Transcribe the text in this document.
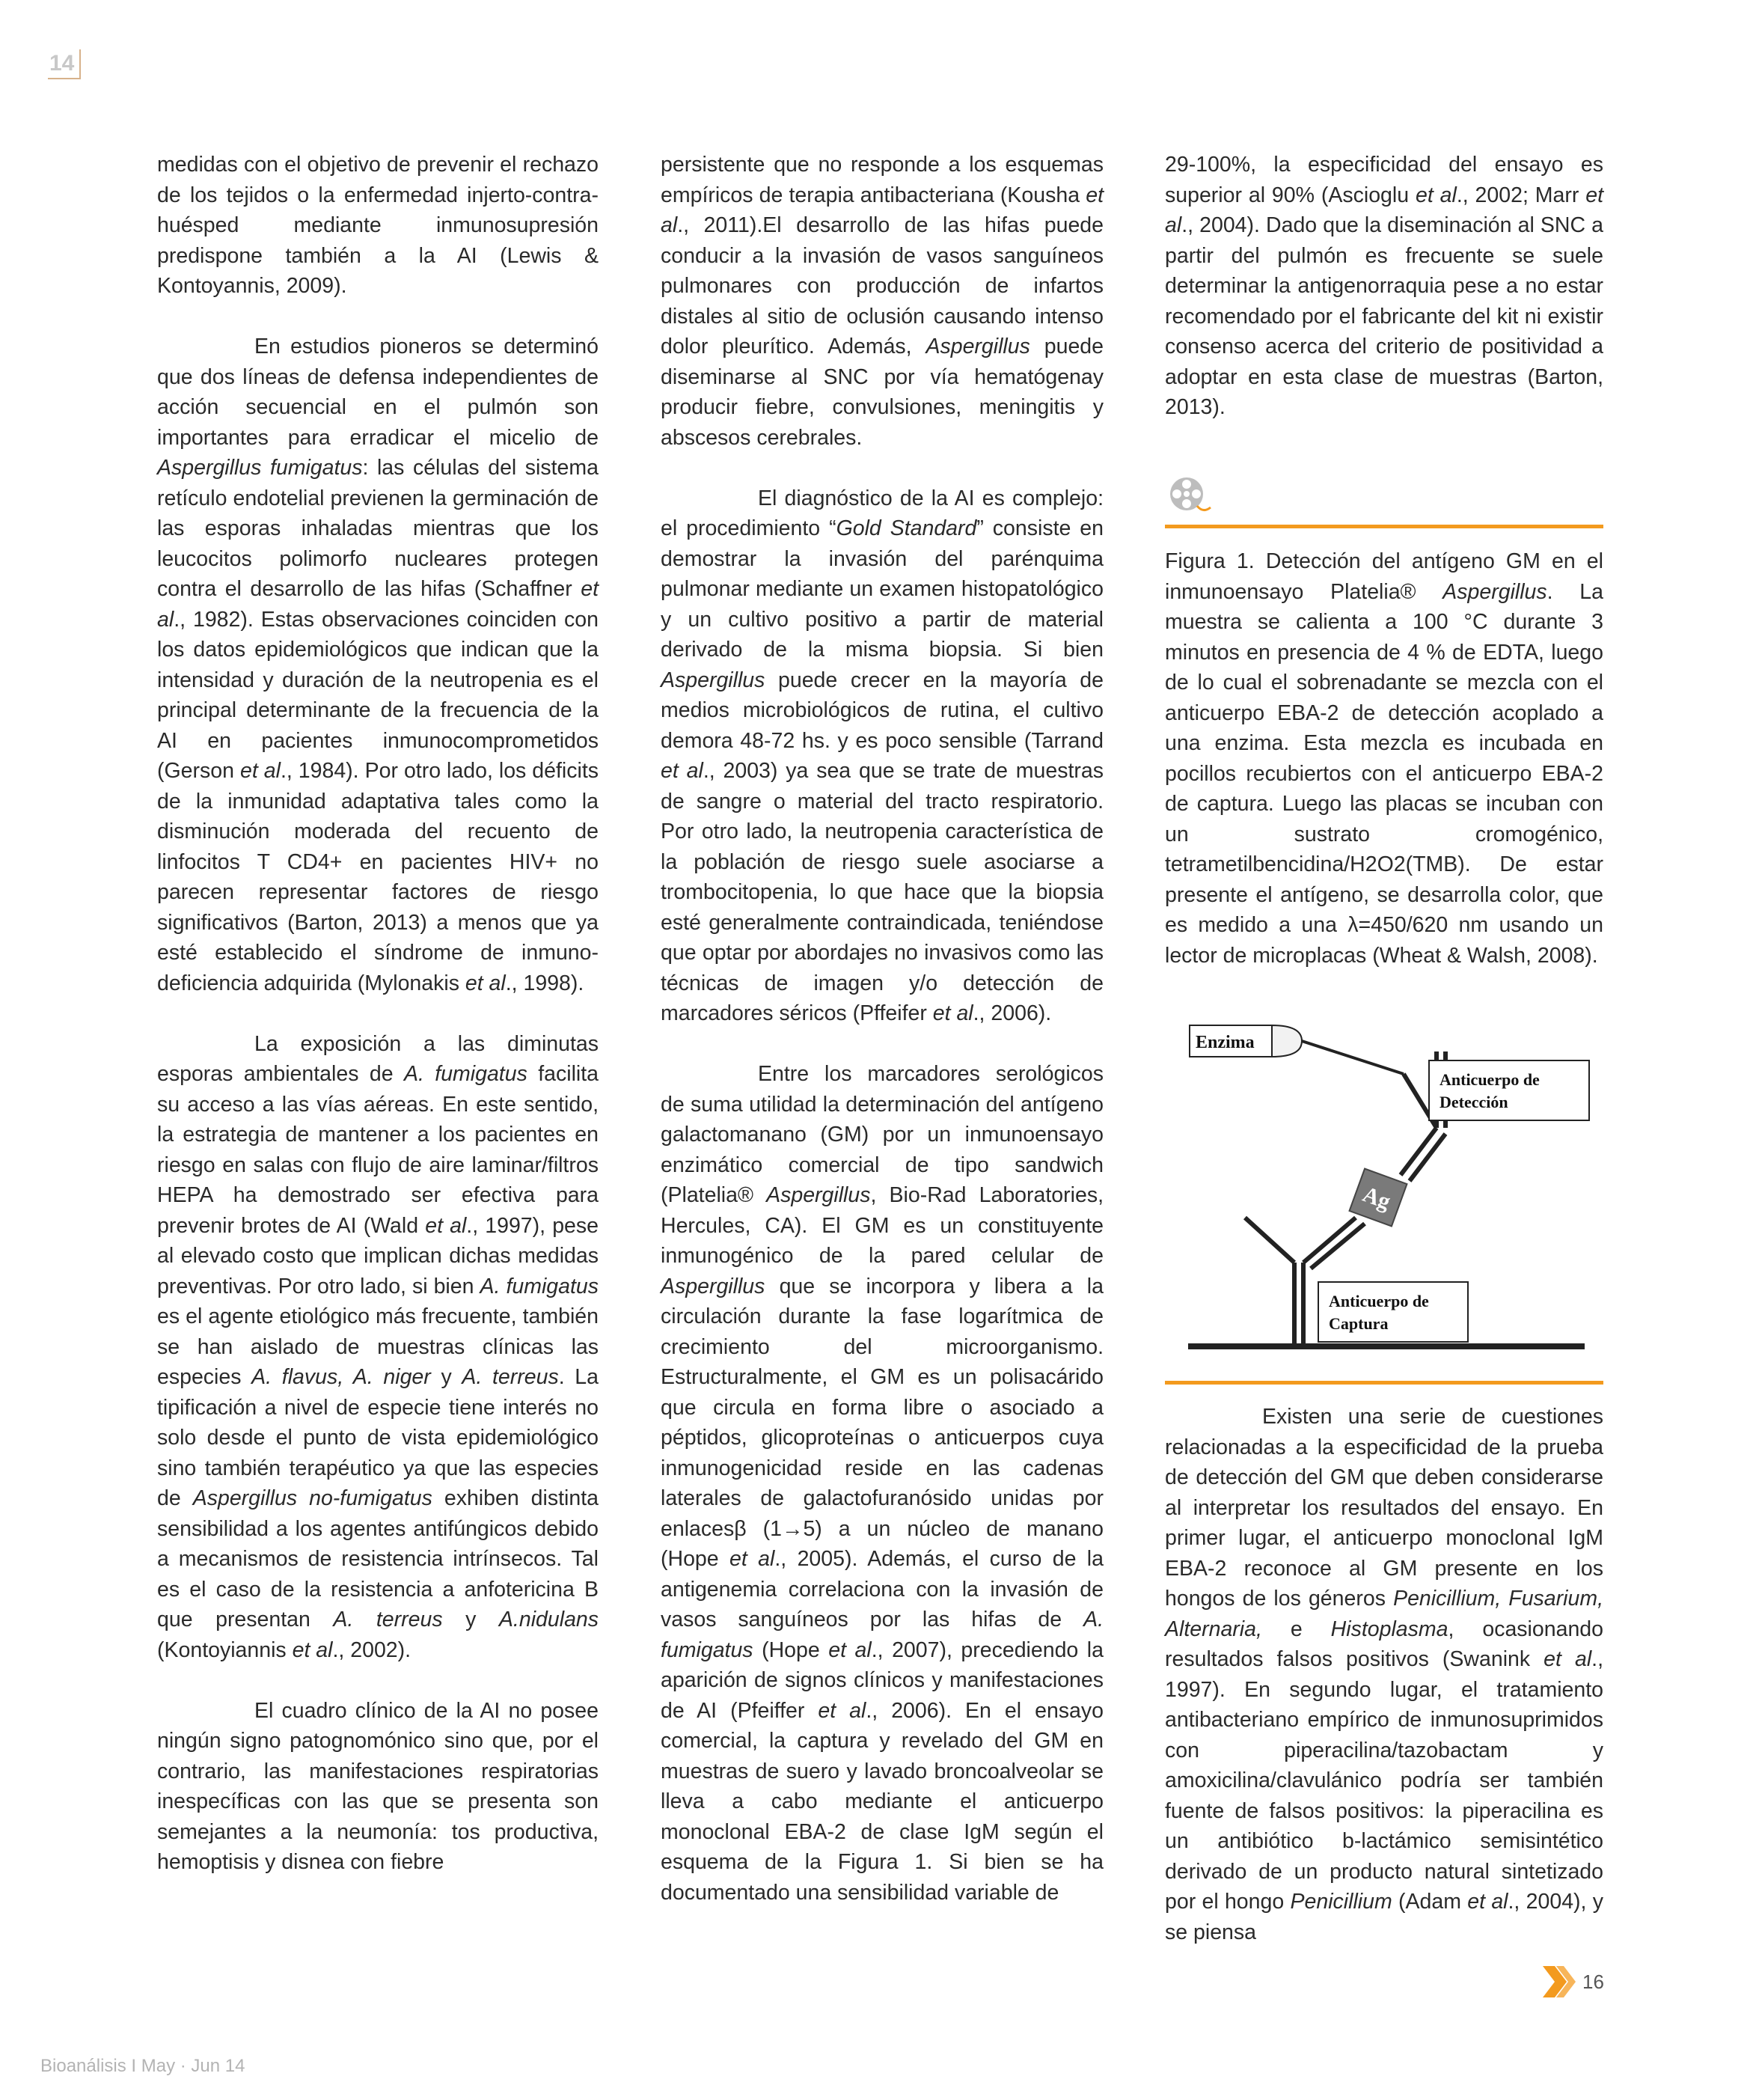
14

medidas con el objetivo de prevenir el rechazo de los tejidos o la enfermedad injerto-contra-huésped mediante inmunosupresión predispone también a la AI (Lewis & Kontoyannis, 2009).

En estudios pioneros se determinó que dos líneas de defensa independientes de acción secuencial en el pulmón son importantes para erradicar el micelio de Aspergillus fumigatus: las células del sistema retículo endotelial previenen la germinación de las esporas inhaladas mientras que los leucocitos polimorfo nucleares protegen contra el desarrollo de las hifas (Schaffner et al., 1982). Estas observaciones coinciden con los datos epidemiológicos que indican que la intensidad y duración de la neutropenia es el principal determinante de la frecuencia de la AI en pacientes inmunocomprometidos (Gerson et al., 1984). Por otro lado, los déficits de la inmunidad adaptativa tales como la disminución moderada del recuento de linfocitos T CD4+ en pacientes HIV+ no parecen representar factores de riesgo significativos (Barton, 2013) a menos que ya esté establecido el síndrome de inmuno-deficiencia adquirida (Mylonakis et al., 1998).

La exposición a las diminutas esporas ambientales de A. fumigatus facilita su acceso a las vías aéreas. En este sentido, la estrategia de mantener a los pacientes en riesgo en salas con flujo de aire laminar/filtros HEPA ha demostrado ser efectiva para prevenir brotes de AI (Wald et al., 1997), pese al elevado costo que implican dichas medidas preventivas. Por otro lado, si bien A. fumigatus es el agente etiológico más frecuente, también se han aislado de muestras clínicas las especies A. flavus, A. niger y A. terreus. La tipificación a nivel de especie tiene interés no solo desde el punto de vista epidemiológico sino también terapéutico ya que las especies de Aspergillus no-fumigatus exhiben distinta sensibilidad a los agentes antifúngicos debido a mecanismos de resistencia intrínsecos. Tal es el caso de la resistencia a anfotericina B que presentan A. terreus y A.nidulans (Kontoyiannis et al., 2002).

El cuadro clínico de la AI no posee ningún signo patognomónico sino que, por el contrario, las manifestaciones respiratorias inespecíficas con las que se presenta son semejantes a la neumonía: tos productiva, hemoptisis y disnea con fiebre

persistente que no responde a los esquemas empíricos de terapia antibacteriana (Kousha et al., 2011).El desarrollo de las hifas puede conducir a la invasión de vasos sanguíneos pulmonares con producción de infartos distales al sitio de oclusión causando intenso dolor pleurítico. Además, Aspergillus puede diseminarse al SNC por vía hematógenay producir fiebre, convulsiones, meningitis y abscesos cerebrales.

El diagnóstico de la AI es complejo: el procedimiento “Gold Standard” consiste en demostrar la invasión del parénquima pulmonar mediante un examen histopatológico y un cultivo positivo a partir de material derivado de la misma biopsia. Si bien Aspergillus puede crecer en la mayoría de medios microbiológicos de rutina, el cultivo demora 48-72 hs. y es poco sensible (Tarrand et al., 2003) ya sea que se trate de muestras de sangre o material del tracto respiratorio. Por otro lado, la neutropenia característica de la población de riesgo suele asociarse a trombocitopenia, lo que hace que la biopsia esté generalmente contraindicada, teniéndose que optar por abordajes no invasivos como las técnicas de imagen y/o detección de marcadores séricos (Pffeifer et al., 2006).

Entre los marcadores serológicos de suma utilidad la determinación del antígeno galactomanano (GM) por un inmunoensayo enzimático comercial de tipo sandwich (Platelia® Aspergillus, Bio-Rad Laboratories, Hercules, CA). El GM es un constituyente inmunogénico de la pared celular de Aspergillus que se incorpora y libera a la circulación durante la fase logarítmica de crecimiento del microorganismo. Estructuralmente, el GM es un polisacárido que circula en forma libre o asociado a péptidos, glicoproteínas o anticuerpos cuya inmunogenicidad reside en las cadenas laterales de galactofuranósido unidas por enlacesβ (1→5) a un núcleo de manano (Hope et al., 2005). Además, el curso de la antigenemia correlaciona con la invasión de vasos sanguíneos por las hifas de A. fumigatus (Hope et al., 2007), precediendo la aparición de signos clínicos y manifestaciones de AI (Pfeiffer et al., 2006). En el ensayo comercial, la captura y revelado del GM en muestras de suero y lavado broncoalveolar se lleva a cabo mediante el anticuerpo monoclonal EBA-2 de clase IgM según el esquema de la Figura 1. Si bien se ha documentado una sensibilidad variable de

29-100%, la especificidad del ensayo es superior al 90% (Ascioglu et al., 2002; Marr et al., 2004). Dado que la diseminación al SNC a partir del pulmón es frecuente se suele determinar la antigenorraquia pese a no estar recomendado por el fabricante del kit ni existir consenso acerca del criterio de positividad a adoptar en esta clase de muestras (Barton, 2013).

Figura 1. Detección del antígeno GM en el inmunoensayo Platelia® Aspergillus. La muestra se calienta a 100 °C durante 3 minutos en presencia de 4 % de EDTA, luego de lo cual el sobrenadante se mezcla con el anticuerpo EBA-2 de detección acoplado a una enzima. Esta mezcla es incubada en pocillos recubiertos con el anticuerpo EBA-2 de captura. Luego las placas se incuban con un sustrato cromogénico, tetrametilbencidina/H2O2(TMB). De estar presente el antígeno, se desarrolla color, que es medido a una λ=450/620 nm usando un lector de microplacas (Wheat & Walsh, 2008).
Ag
Enzima
Anticuerpo de
Detección
Anticuerpo de
Captura

Existen una serie de cuestiones relacionadas a la especificidad de la prueba de detección del GM que deben considerarse al interpretar los resultados del ensayo. En primer lugar, el anticuerpo monoclonal IgM EBA-2 reconoce al GM presente en los hongos de los géneros Penicillium, Fusarium, Alternaria, e Histoplasma, ocasionando resultados falsos positivos (Swanink et al., 1997). En segundo lugar, el tratamiento antibacteriano empírico de inmunosuprimidos con piperacilina/tazobactam y amoxicilina/clavulánico podría ser también fuente de falsos positivos: la piperacilina es un antibiótico b-lactámico semisintético derivado de un producto natural sintetizado por el hongo Penicillium (Adam et al., 2004), y se piensa

16
Bioanálisis I May · Jun 14
